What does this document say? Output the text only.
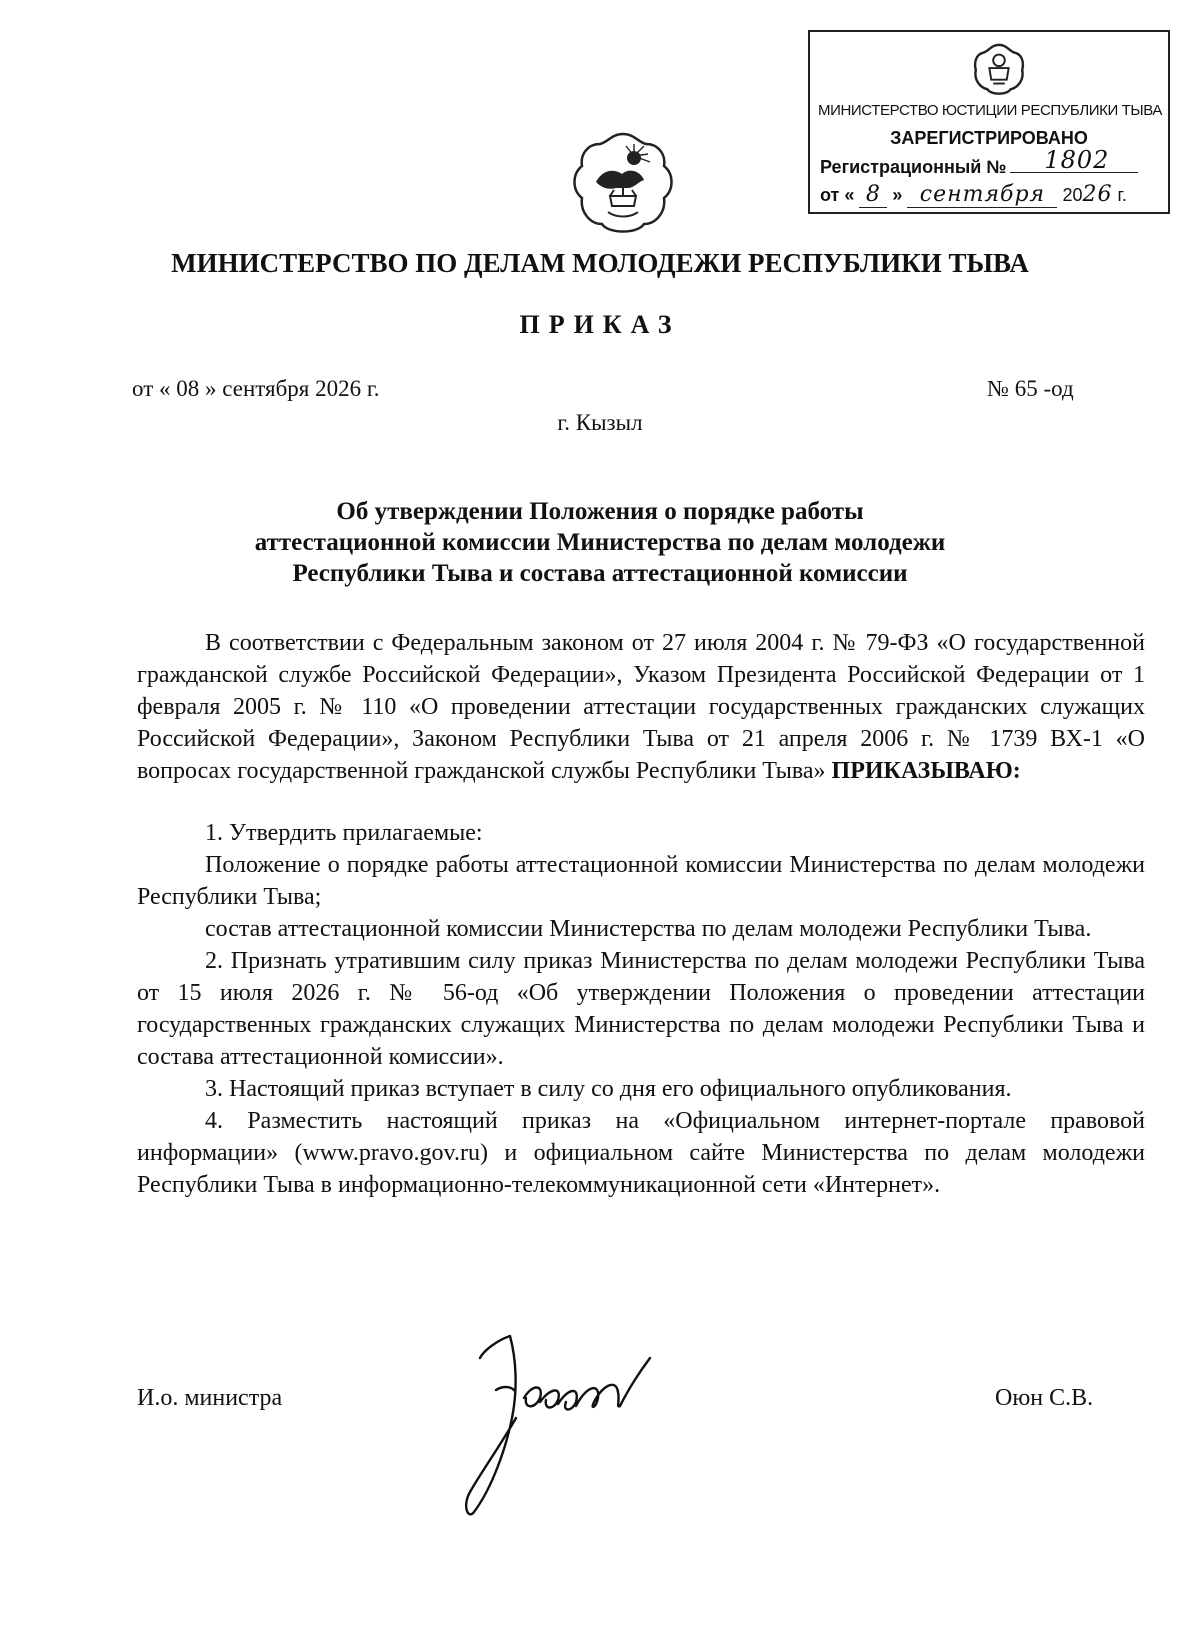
МИНИСТЕРСТВО ЮСТИЦИИ РЕСПУБЛИКИ ТЫВА
ЗАРЕГИСТРИРОВАНО
Регистрационный № 1802
от « 8 » сентября 2026 г.
МИНИСТЕРСТВО ПО ДЕЛАМ МОЛОДЕЖИ РЕСПУБЛИКИ ТЫВА
ПРИКАЗ
от « 08 » сентября 2026 г.	№ 65 -од
г. Кызыл
Об утверждении Положения о порядке работы
аттестационной комиссии Министерства по делам молодежи
Республики Тыва и состава аттестационной комиссии

В соответствии с Федеральным законом от 27 июля 2004 г. № 79-ФЗ «О государственной гражданской службе Российской Федерации», Указом Президента Российской Федерации от 1 февраля 2005 г. № 110 «О проведении аттестации государственных гражданских служащих Российской Федерации», Законом Республики Тыва от 21 апреля 2006 г. № 1739 ВХ-1 «О вопросах государственной гражданской службы Республики Тыва» ПРИКАЗЫВАЮ:

1. Утвердить прилагаемые:

Положение о порядке работы аттестационной комиссии Министерства по делам молодежи Республики Тыва;

состав аттестационной комиссии Министерства по делам молодежи Республики Тыва.

2. Признать утратившим силу приказ Министерства по делам молодежи Республики Тыва от 15 июля 2026 г. № 56-од «Об утверждении Положения о проведении аттестации государственных гражданских служащих Министерства по делам молодежи Республики Тыва и состава аттестационной комиссии».

3. Настоящий приказ вступает в силу со дня его официального опубликования.

4. Разместить настоящий приказ на «Официальном интернет-портале правовой информации» (www.pravo.gov.ru) и официальном сайте Министерства по делам молодежи Республики Тыва в информационно-телекоммуникационной сети «Интернет».

И.о. министра	Оюн С.В.
